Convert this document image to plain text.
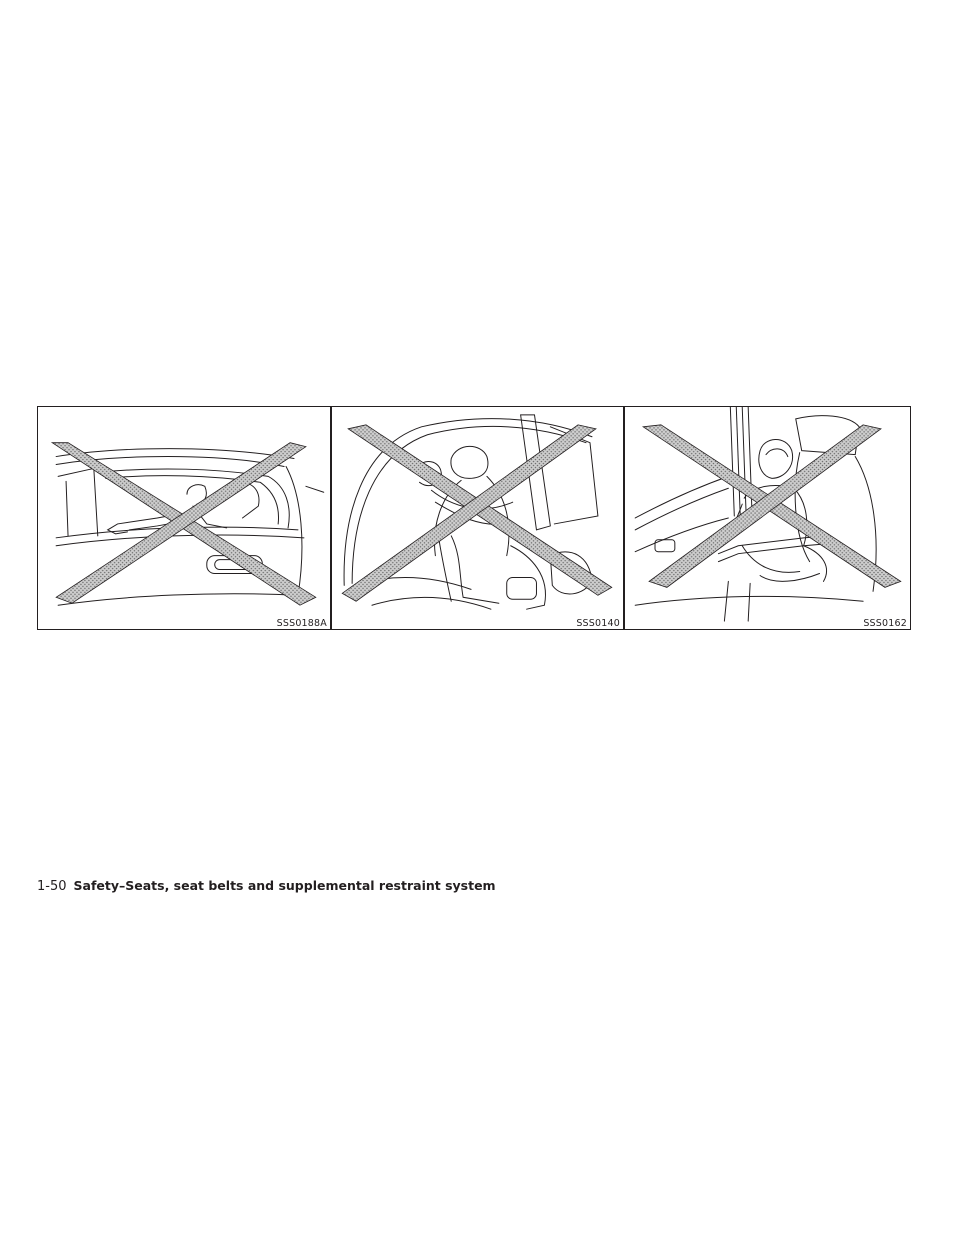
SSS0188A	SSS0140	SSS0162
1-50 Safety–Seats, seat belts and supplemental restraint system
